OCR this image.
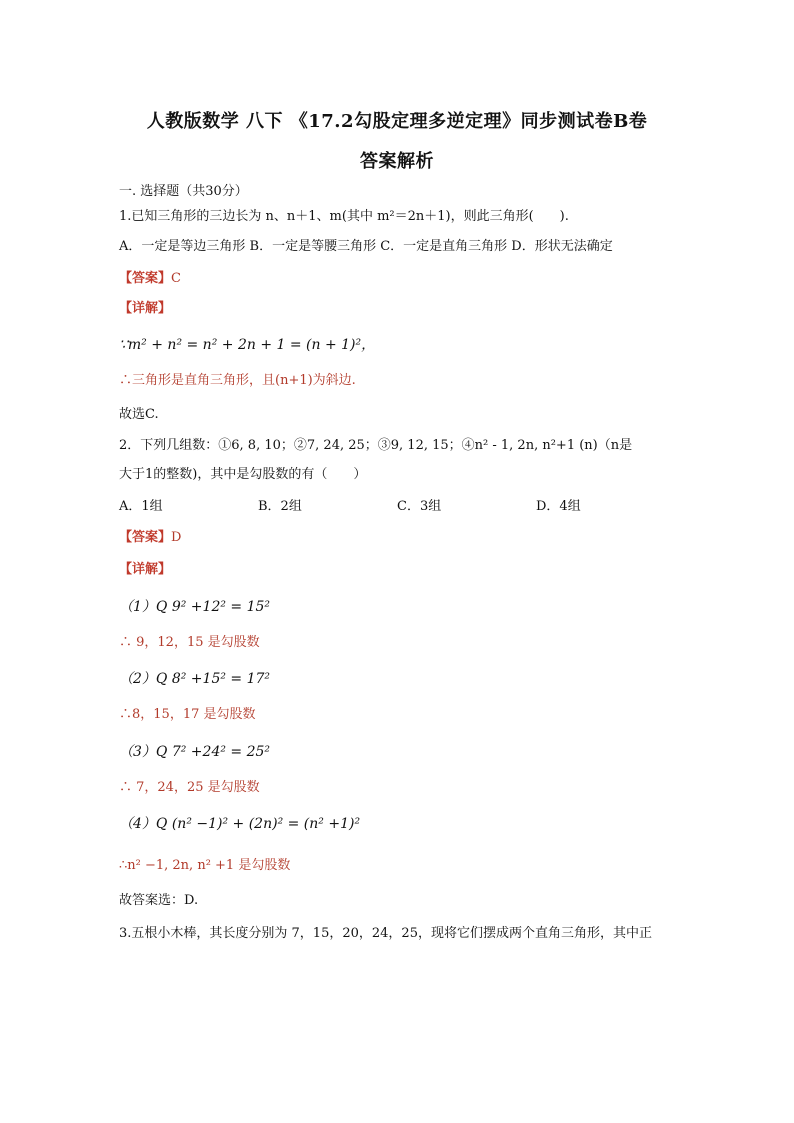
人教版数学 八下 《17.2勾股定理多逆定理》同步测试卷B卷
答案解析
一. 选择题（共30分）
1.已知三角形的三边长为 n、n＋1、m(其中 m²＝2n＋1)，则此三角形(　　).
A．一定是等边三角形 B．一定是等腰三角形 C．一定是直角三角形 D．形状无法确定
【答案】C
【详解】
∵m² + n² = n² + 2n + 1 = (n + 1)²，
∴三角形是直角三角形，且(n+1)为斜边.
故选C.
2．下列几组数：①6, 8, 10；②7, 24, 25；③9, 12, 15；④n² - 1, 2n, n²+1 (n)（n是
大于1的整数)，其中是勾股数的有（　　）
A．1组	B．2组	C．3组	D．4组
【答案】D
【详解】
（1）Q 9² +12² = 15²
∴ 9，12，15 是勾股数
（2）Q 8² +15² = 17²
∴8，15，17 是勾股数
（3）Q 7² +24² = 25²
∴ 7，24，25 是勾股数
（4）Q (n² −1)² + (2n)² = (n² +1)²
∴n² −1, 2n, n² +1 是勾股数
故答案选：D.
3.五根小木棒，其长度分别为 7，15，20，24，25，现将它们摆成两个直角三角形，其中正
